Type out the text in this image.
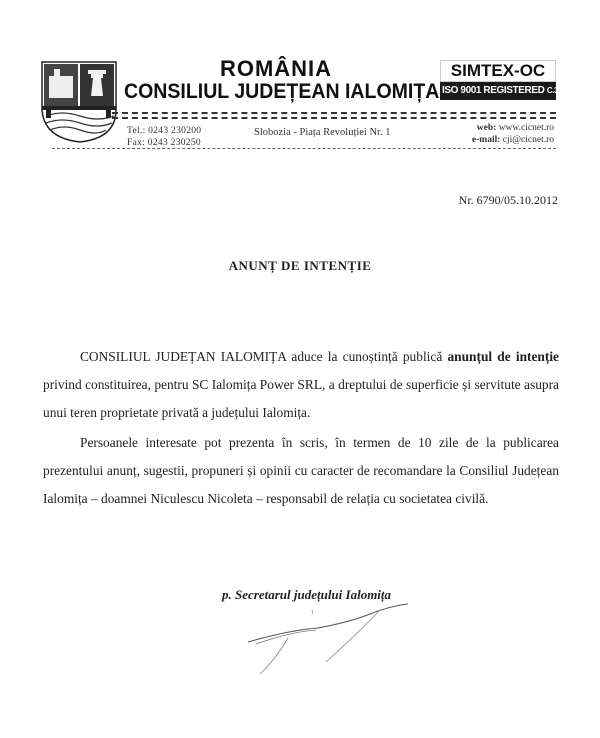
ROMÂNIA
CONSILIUL JUDEȚEAN IALOMIȚA
SIMTEX-OC
ISO 9001 REGISTERED C.3449.1
Tel.: 0243 230200
Fax: 0243 230250
Slobozia - Piața Revoluției Nr. 1	web: www.cicnet.ro
e-mail: cji@cicnet.ro
Nr. 6790/05.10.2012
ANUNȚ DE INTENȚIE
CONSILIUL JUDEȚAN IALOMIȚA aduce la cunoștință publică anunțul de intenție privind constituirea, pentru SC Ialomița Power SRL, a dreptului de superficie și servitute asupra unui teren proprietate privată a județului Ialomița.
Persoanele interesate pot prezenta în scris, în termen de 10 zile de la publicarea prezentului anunț, sugestii, propuneri și opinii cu caracter de recomandare la Consiliul Județean Ialomița – doamnei Niculescu Nicoleta – responsabil de relația cu societatea civilă.
p. Secretarul județului Ialomița
